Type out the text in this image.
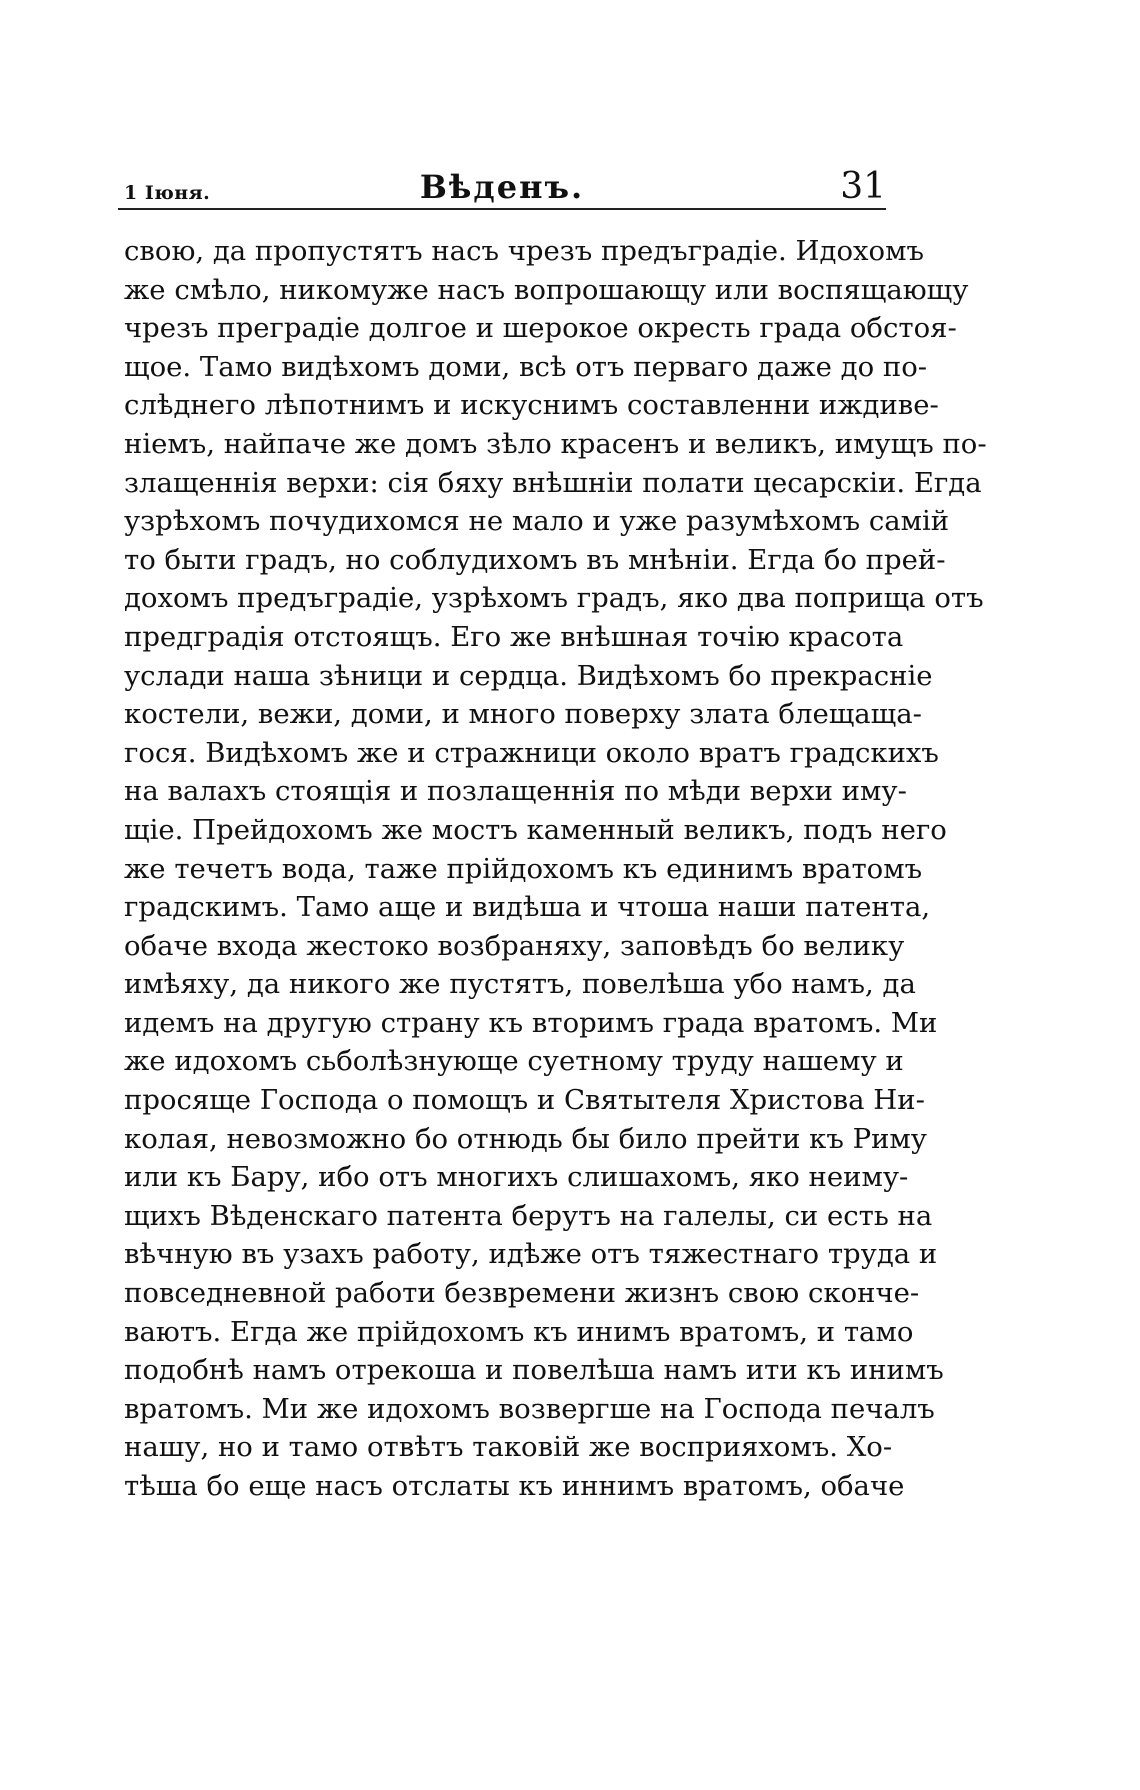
1 Іюня.	Вѣденъ.	31
свою, да пропустятъ насъ чрезъ предъградіе. Идохомъ
же смѣло, никомуже насъ вопрошающу или воспящающу
чрезъ преградіе долгое и шерокое окресть града обстоя-
щое. Тамо видѣхомъ доми, всѣ отъ перваго даже до по-
слѣднего лѣпотнимъ и искуснимъ составленни иждиве-
ніемъ, найпаче же домъ зѣло красенъ и великъ, имущъ по-
злащеннія верхи: сія бяху внѣшніи полати цесарскіи. Егда
узрѣхомъ почудихомся не мало и уже разумѣхомъ самій
то быти градъ, но соблудихомъ въ мнѣніи. Егда бо прей-
дохомъ предъградіе, узрѣхомъ градъ, яко два поприща отъ
предградія отстоящъ. Его же внѣшная точію красота
услади наша зѣници и сердца. Видѣхомъ бо прекрасніе
костели, вежи, доми, и много поверху злата блещаща-
гося. Видѣхомъ же и стражници около вратъ градскихъ
на валахъ стоящія и позлащеннія по мѣди верхи иму-
щіе. Прейдохомъ же мостъ каменный великъ, подъ него
же течетъ вода, таже прійдохомъ къ единимъ вратомъ
градскимъ. Тамо аще и видѣша и чтоша наши патента,
обаче входа жестоко возбраняху, заповѣдъ бо велику
имѣяху, да никого же пустятъ, повелѣша убо намъ, да
идемъ на другую страну къ вторимъ града вратомъ. Ми
же идохомъ сьболѣзнующе суетному труду нашему и
просяще Господа о помощъ и Святытеля Христова Ни-
колая, невозможно бо отнюдь бы било прейти къ Риму
или къ Бару, ибо отъ многихъ слишахомъ, яко неиму-
щихъ Вѣденскаго патента берутъ на галелы, си есть на
вѣчную въ узахъ работу, идѣже отъ тяжестнаго труда и
повседневной работи безвремени жизнъ свою сконче-
ваютъ. Егда же прійдохомъ къ инимъ вратомъ, и тамо
подобнѣ намъ отрекоша и повелѣша намъ ити къ инимъ
вратомъ. Ми же идохомъ возвергше на Господа печалъ
нашу, но и тамо отвѣтъ таковій же восприяхомъ. Хо-
тѣша бо еще насъ отслаты къ иннимъ вратомъ, обаче
